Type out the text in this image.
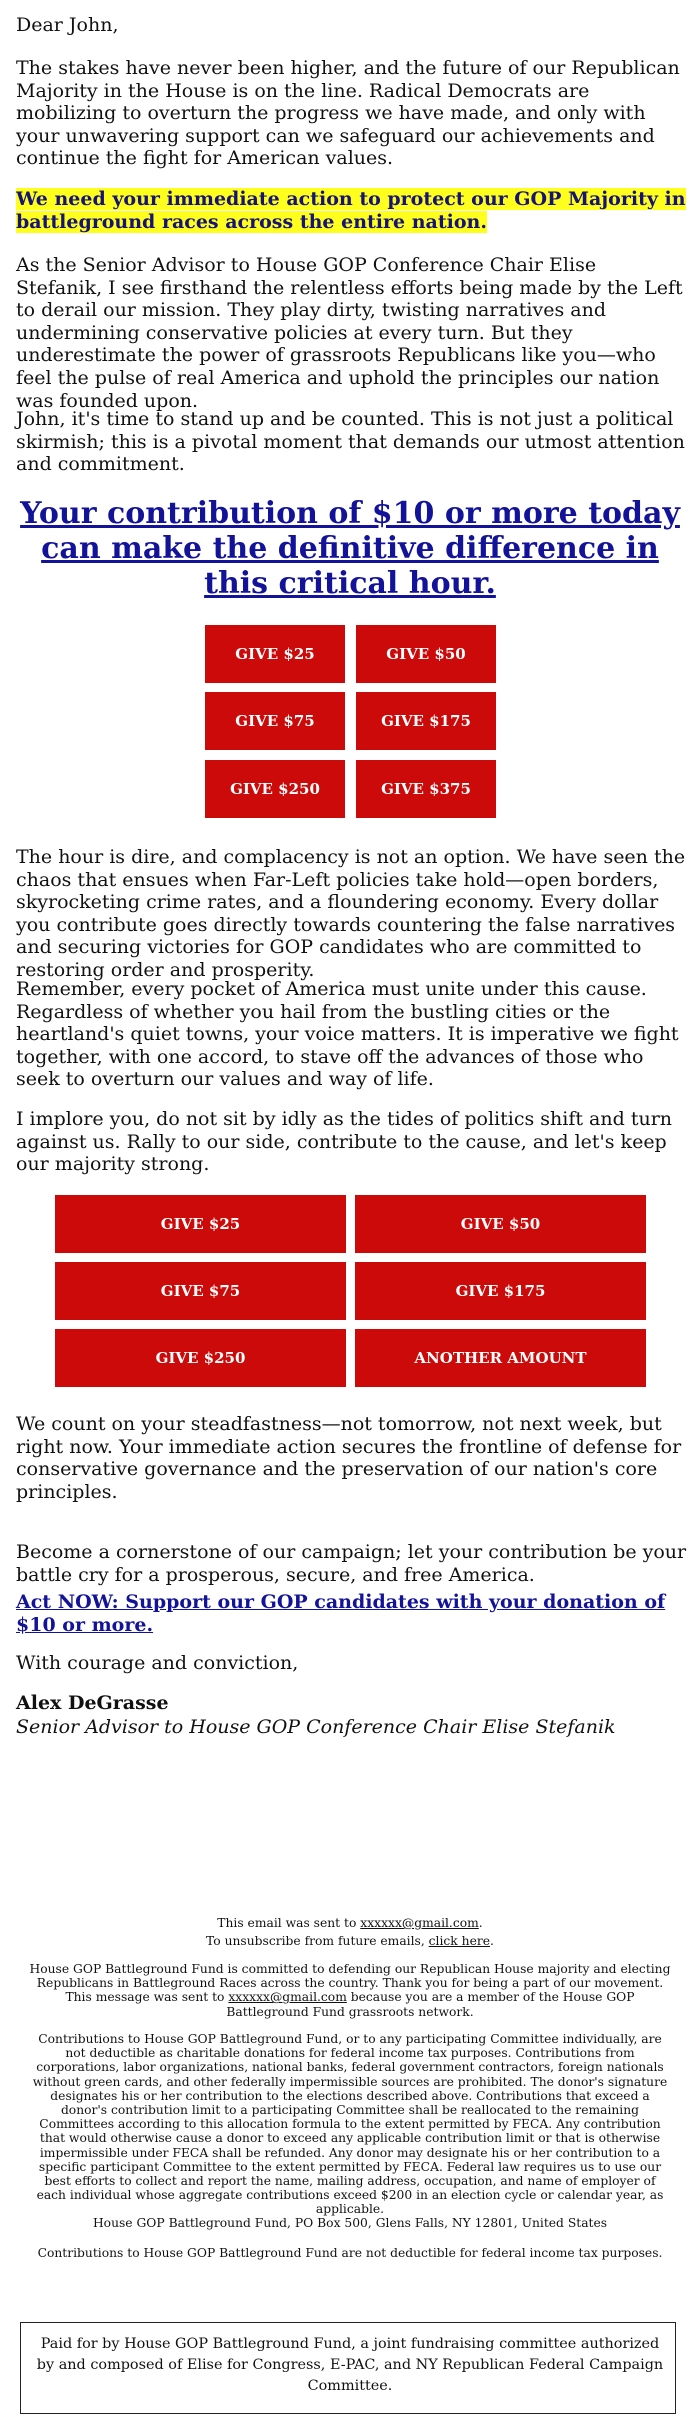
Dear John,

The stakes have never been higher, and the future of our Republican Majority in the House is on the line. Radical Democrats are mobilizing to overturn the progress we have made, and only with your unwavering support can we safeguard our achievements and continue the fight for American values.

We need your immediate action to protect our GOP Majority in battleground races across the entire nation.

As the Senior Advisor to House GOP Conference Chair Elise Stefanik, I see firsthand the relentless efforts being made by the Left to derail our mission. They play dirty, twisting narratives and undermining conservative policies at every turn. But they underestimate the power of grassroots Republicans like you—who feel the pulse of real America and uphold the principles our nation was founded upon.

John, it's time to stand up and be counted. This is not just a political skirmish; this is a pivotal moment that demands our utmost attention and commitment.

Your contribution of $10 or more today can make the definitive difference in this critical hour.
GIVE $25	GIVE $50
GIVE $75	GIVE $175
GIVE $250	GIVE $375

The hour is dire, and complacency is not an option. We have seen the chaos that ensues when Far-Left policies take hold—open borders, skyrocketing crime rates, and a floundering economy. Every dollar you contribute goes directly towards countering the false narratives and securing victories for GOP candidates who are committed to restoring order and prosperity.

Remember, every pocket of America must unite under this cause. Regardless of whether you hail from the bustling cities or the heartland's quiet towns, your voice matters. It is imperative we fight together, with one accord, to stave off the advances of those who seek to overturn our values and way of life.

I implore you, do not sit by idly as the tides of politics shift and turn against us. Rally to our side, contribute to the cause, and let's keep our majority strong.

GIVE $25	GIVE $50
GIVE $75	GIVE $175
GIVE $250	ANOTHER AMOUNT

We count on your steadfastness—not tomorrow, not next week, but right now. Your immediate action secures the frontline of defense for conservative governance and the preservation of our nation's core principles.

Become a cornerstone of our campaign; let your contribution be your battle cry for a prosperous, secure, and free America.

Act NOW: Support our GOP candidates with your donation of $10 or more.

With courage and conviction,

Alex DeGrasse
Senior Advisor to House GOP Conference Chair Elise Stefanik

This email was sent to xxxxxx@gmail.com.

To unsubscribe from future emails, click here.

House GOP Battleground Fund is committed to defending our Republican House majority and electing Republicans in Battleground Races across the country. Thank you for being a part of our movement. This message was sent to xxxxxx@gmail.com because you are a member of the House GOP Battleground Fund grassroots network.

Contributions to House GOP Battleground Fund, or to any participating Committee individually, are not deductible as charitable donations for federal income tax purposes. Contributions from corporations, labor organizations, national banks, federal government contractors, foreign nationals without green cards, and other federally impermissible sources are prohibited. The donor's signature designates his or her contribution to the elections described above. Contributions that exceed a donor's contribution limit to a participating Committee shall be reallocated to the remaining Committees according to this allocation formula to the extent permitted by FECA. Any contribution that would otherwise cause a donor to exceed any applicable contribution limit or that is otherwise impermissible under FECA shall be refunded. Any donor may designate his or her contribution to a specific participant Committee to the extent permitted by FECA. Federal law requires us to use our best efforts to collect and report the name, mailing address, occupation, and name of employer of each individual whose aggregate contributions exceed $200 in an election cycle or calendar year, as applicable.

House GOP Battleground Fund, PO Box 500, Glens Falls, NY 12801, United States

Contributions to House GOP Battleground Fund are not deductible for federal income tax purposes.

Paid for by House GOP Battleground Fund, a joint fundraising committee authorized by and composed of Elise for Congress, E-PAC, and NY Republican Federal Campaign Committee.
